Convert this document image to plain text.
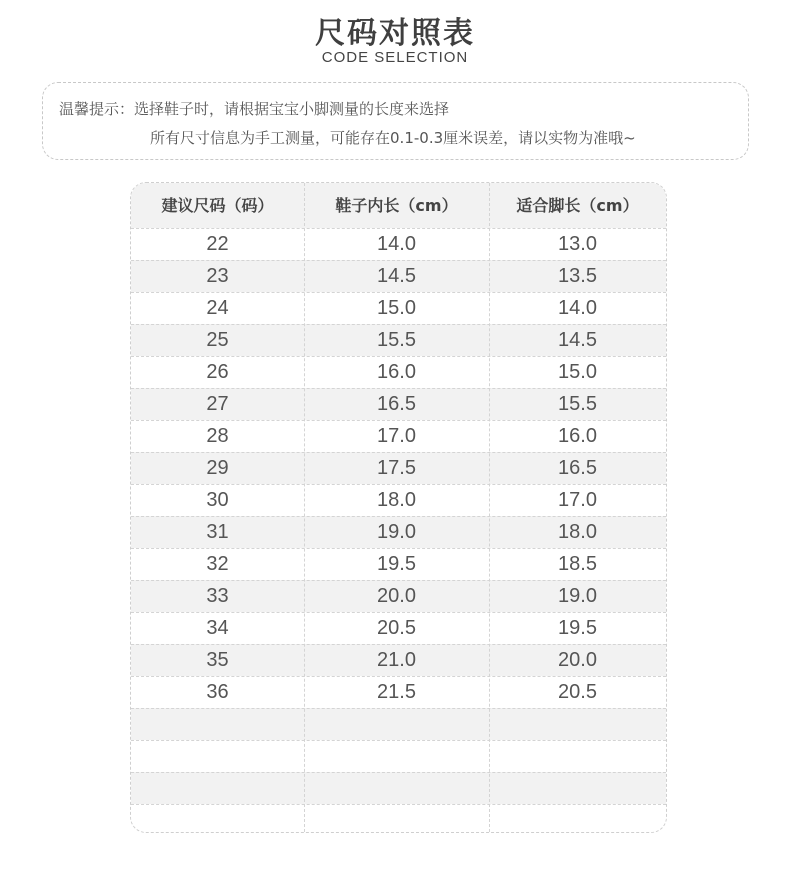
尺码对照表
CODE SELECTION
温馨提示：选择鞋子时，请根据宝宝小脚测量的长度来选择
所有尺寸信息为手工测量，可能存在0.1-0.3厘米误差，请以实物为准哦~
建议尺码（码）	鞋子内长（cm）	适合脚长（cm）
22	14.0	13.0
23	14.5	13.5
24	15.0	14.0
25	15.5	14.5
26	16.0	15.0
27	16.5	15.5
28	17.0	16.0
29	17.5	16.5
30	18.0	17.0
31	19.0	18.0
32	19.5	18.5
33	20.0	19.0
34	20.5	19.5
35	21.0	20.0
36	21.5	20.5
